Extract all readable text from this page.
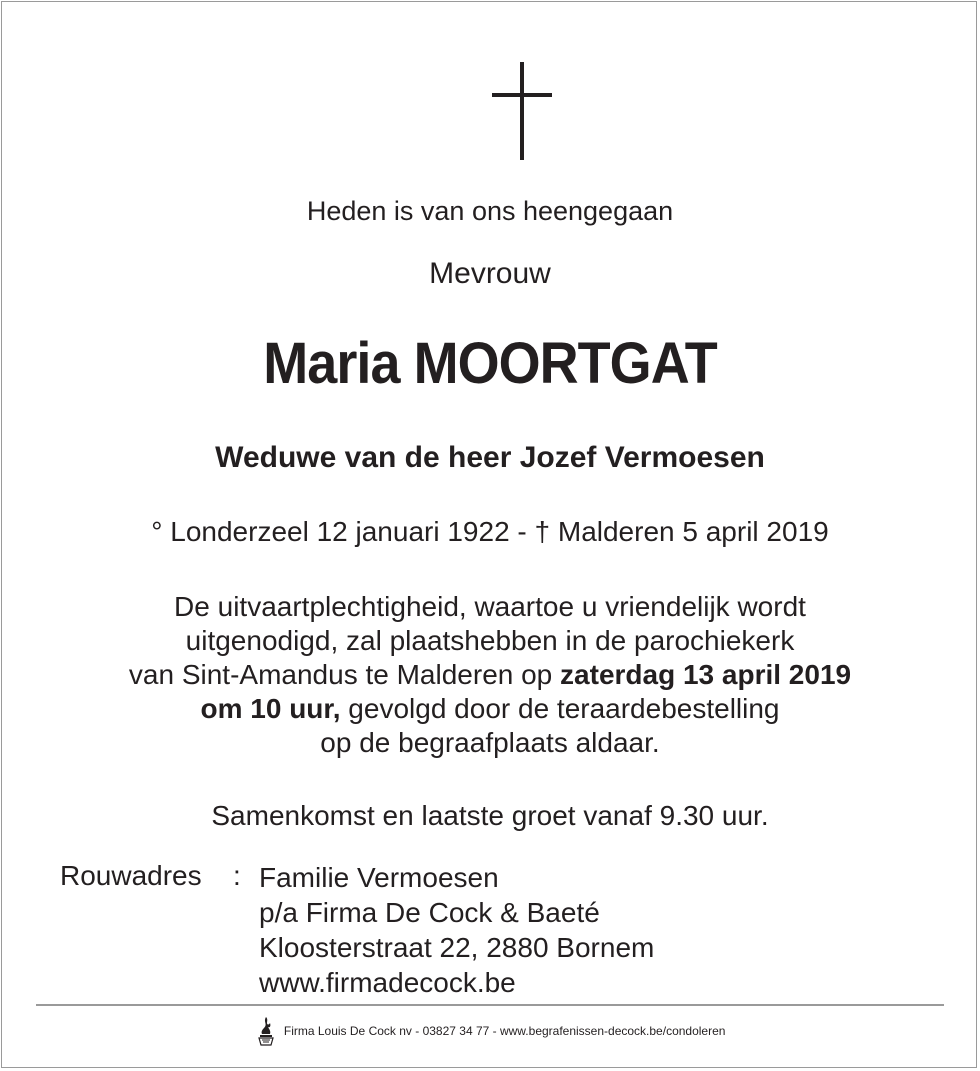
Heden is van ons heengegaan
Mevrouw
Maria MOORTGAT
Weduwe van de heer Jozef Vermoesen
° Londerzeel 12 januari 1922 - † Malderen 5 april 2019
De uitvaartplechtigheid, waartoe u vriendelijk wordt
uitgenodigd, zal plaatshebben in de parochiekerk
van Sint-Amandus te Malderen op zaterdag 13 april 2019
om 10 uur, gevolgd door de teraardebestelling
op de begraafplaats aldaar.
Samenkomst en laatste groet vanaf 9.30 uur.
Rouwadres : Familie Vermoesen
p/a Firma De Cock & Baeté
Kloosterstraat 22, 2880 Bornem
www.firmadecock.be
Firma Louis De Cock nv - 03827 34 77 - www.begrafenissen-decock.be/condoleren
